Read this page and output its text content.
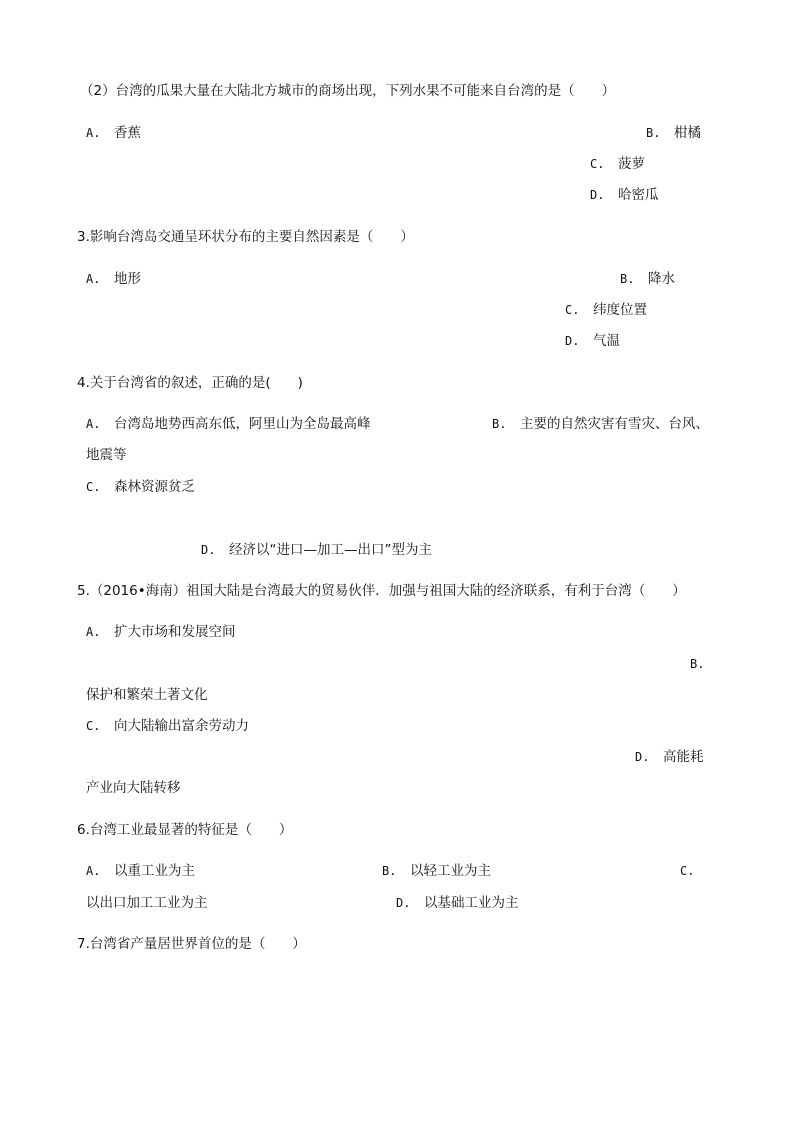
（2）台湾的瓜果大量在大陆北方城市的商场出现，下列水果不可能来自台湾的是（　　）
A. 香蕉	B. 柑橘
C. 菠萝
D. 哈密瓜
3.影响台湾岛交通呈环状分布的主要自然因素是（　　）
A. 地形	B. 降水
C. 纬度位置
D. 气温
4.关于台湾省的叙述，正确的是(　　)
A. 台湾岛地势西高东低，阿里山为全岛最高峰	B. 主要的自然灾害有雪灾、台风、
地震等
C. 森林资源贫乏
D. 经济以“进口—加工—出口”型为主
5.（2016•海南）祖国大陆是台湾最大的贸易伙伴．加强与祖国大陆的经济联系，有利于台湾（　　）
A. 扩大市场和发展空间
B.
保护和繁荣土著文化
C. 向大陆输出富余劳动力
D. 高能耗
产业向大陆转移
6.台湾工业最显著的特征是（　　）
A. 以重工业为主	B. 以轻工业为主	C.
以出口加工工业为主	D. 以基础工业为主
7.台湾省产量居世界首位的是（　　）
